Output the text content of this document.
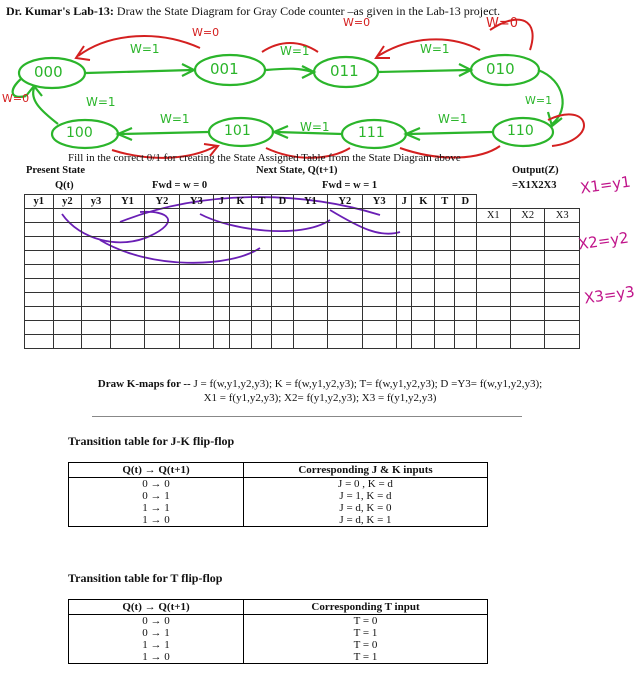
Dr. Kumar's Lab-13: Draw the State Diagram for Gray Code counter –as given in the Lab-13 project.
000	001	011	010
100	101	111	110
W=1	W=1	W=1
W=1
W=1
W=1
W=1
W=1
W=0
W=0	W=0
W=0
Fill in the correct 0/1 for creating the State Assigned Table from the State Diagram above
Present State
Q(t)
Next State, Q(t+1)
Fwd = w = 0	Fwd = w = 1
Output(Z)
=X1X2X3
y1	y2	y3	Y1	Y2	Y3	J	K	T	D	Y1	Y2	Y3	J	K	T	D			
																	X1	X2	X3

X1=y1
X2=y2
X3=y3
Draw K-maps for -- J = f(w,y1,y2,y3); K = f(w,y1,y2,y3); T= f(w,y1,y2,y3); D =Y3= f(w,y1,y2,y3);
X1 = f(y1,y2,y3); X2= f(y1,y2,y3); X3 = f(y1,y2,y3)
Transition table for J-K flip-flop
Q(t) → Q(t+1)	Corresponding J & K inputs
0 → 0	J = 0 , K = d
0 → 1	J = 1, K = d
1 → 1	J = d, K = 0
1 → 0	J = d, K = 1
Transition table for T flip-flop
Q(t) → Q(t+1)	Corresponding T input
0 → 0	T = 0
0 → 1	T = 1
1 → 1	T = 0
1 → 0	T = 1
